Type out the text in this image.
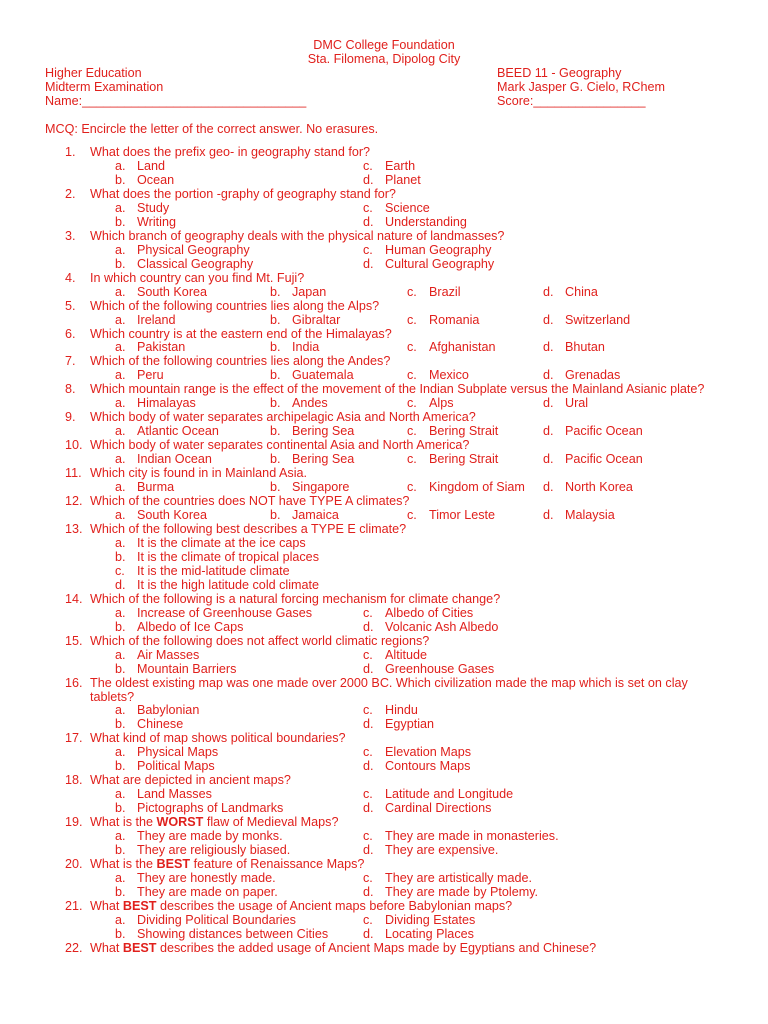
DMC College Foundation
Sta. Filomena, Dipolog City
Higher Education
Midterm Examination
Name:________________________________
BEED 11 - Geography
Mark Jasper G. Cielo, RChem
Score:________________
MCQ: Encircle the letter of the correct answer. No erasures.
1. What does the prefix geo- in geography stand for?
a. Land	c. Earth
b. Ocean	d. Planet
2. What does the portion -graphy of geography stand for?
a. Study	c. Science
b. Writing	d. Understanding
3. Which branch of geography deals with the physical nature of landmasses?
a. Physical Geography	c. Human Geography
b. Classical Geography	d. Cultural Geography
4. In which country can you find Mt. Fuji?
a. South Korea	b. Japan	c. Brazil	d. China
5. Which of the following countries lies along the Alps?
a. Ireland	b. Gibraltar	c. Romania	d. Switzerland
6. Which country is at the eastern end of the Himalayas?
a. Pakistan	b. India	c. Afghanistan	d. Bhutan
7. Which of the following countries lies along the Andes?
a. Peru	b. Guatemala	c. Mexico	d. Grenadas
8. Which mountain range is the effect of the movement of the Indian Subplate versus the Mainland Asianic plate?
a. Himalayas	b. Andes	c. Alps	d. Ural
9. Which body of water separates archipelagic Asia and North America?
a. Atlantic Ocean	b. Bering Sea	c. Bering Strait	d. Pacific Ocean
10. Which body of water separates continental Asia and North America?
a. Indian Ocean	b. Bering Sea	c. Bering Strait	d. Pacific Ocean
11. Which city is found in in Mainland Asia.
a. Burma	b. Singapore	c. Kingdom of Siam d. North Korea
12. Which of the countries does NOT have TYPE A climates?
a. South Korea	b. Jamaica	c. Timor Leste	d. Malaysia
13. Which of the following best describes a TYPE E climate?
a. It is the climate at the ice caps
b. It is the climate of tropical places
c. It is the mid-latitude climate
d. It is the high latitude cold climate
14. Which of the following is a natural forcing mechanism for climate change?
a. Increase of Greenhouse Gases	c. Albedo of Cities
b. Albedo of Ice Caps	d. Volcanic Ash Albedo
15. Which of the following does not affect world climatic regions?
a. Air Masses	c. Altitude
b. Mountain Barriers	d. Greenhouse Gases
16. The oldest existing map was one made over 2000 BC. Which civilization made the map which is set on clay tablets?
a. Babylonian	c. Hindu
b. Chinese	d. Egyptian
17. What kind of map shows political boundaries?
a. Physical Maps	c. Elevation Maps
b. Political Maps	d. Contours Maps
18. What are depicted in ancient maps?
a. Land Masses	c. Latitude and Longitude
b. Pictographs of Landmarks	d. Cardinal Directions
19. What is the WORST flaw of Medieval Maps?
a. They are made by monks.	c. They are made in monasteries.
b. They are religiously biased.	d. They are expensive.
20. What is the BEST feature of Renaissance Maps?
a. They are honestly made.	c. They are artistically made.
b. They are made on paper.	d. They are made by Ptolemy.
21. What BEST describes the usage of Ancient maps before Babylonian maps?
a. Dividing Political Boundaries	c. Dividing Estates
b. Showing distances between Cities	d. Locating Places
22. What BEST describes the added usage of Ancient Maps made by Egyptians and Chinese?
